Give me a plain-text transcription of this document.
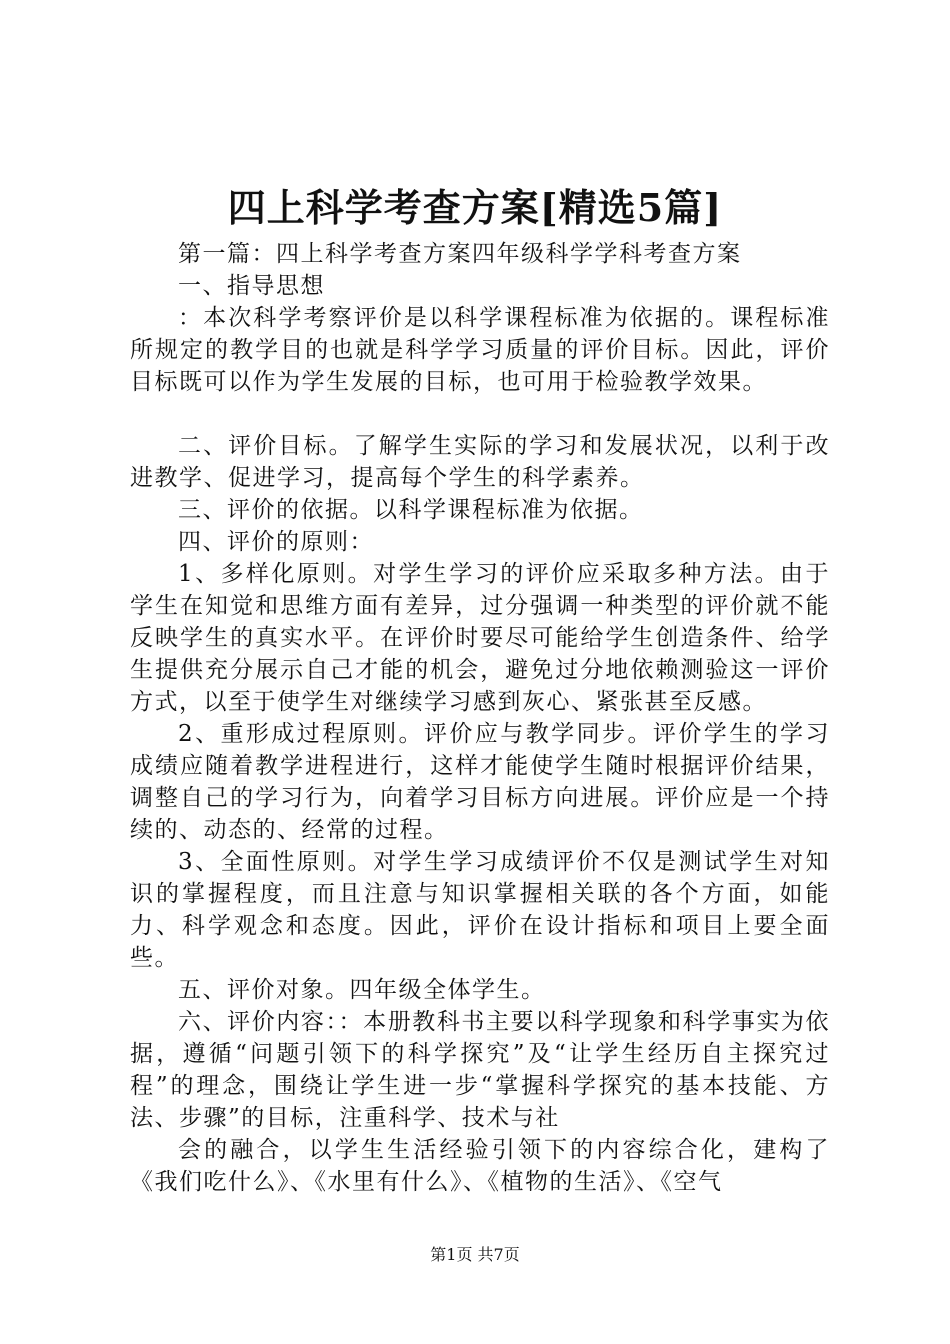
四上科学考查方案[精选5篇]

第一篇：四上科学考查方案四年级科学学科考查方案

一、指导思想

：本次科学考察评价是以科学课程标准为依据的。课程标准所规定的教学目的也就是科学学习质量的评价目标。因此，评价目标既可以作为学生发展的目标，也可用于检验教学效果。

二、评价目标。了解学生实际的学习和发展状况，以利于改进教学、促进学习，提高每个学生的科学素养。

三、评价的依据。以科学课程标准为依据。

四、评价的原则：

1、多样化原则。对学生学习的评价应采取多种方法。由于学生在知觉和思维方面有差异，过分强调一种类型的评价就不能反映学生的真实水平。在评价时要尽可能给学生创造条件、给学生提供充分展示自己才能的机会，避免过分地依赖测验这一评价方式，以至于使学生对继续学习感到灰心、紧张甚至反感。

2、重形成过程原则。评价应与教学同步。评价学生的学习成绩应随着教学进程进行，这样才能使学生随时根据评价结果，调整自己的学习行为，向着学习目标方向进展。评价应是一个持续的、动态的、经常的过程。

3、全面性原则。对学生学习成绩评价不仅是测试学生对知识的掌握程度，而且注意与知识掌握相关联的各个方面，如能力、科学观念和态度。因此，评价在设计指标和项目上要全面些。

五、评价对象。四年级全体学生。

六、评价内容：：本册教科书主要以科学现象和科学事实为依据，遵循“问题引领下的科学探究”及“让学生经历自主探究过程”的理念，围绕让学生进一步“掌握科学探究的基本技能、方法、步骤”的目标，注重科学、技术与社

会的融合，以学生生活经验引领下的内容综合化，建构了《我们吃什么》、《水里有什么》、《植物的生活》、《空气

第1页 共7页
